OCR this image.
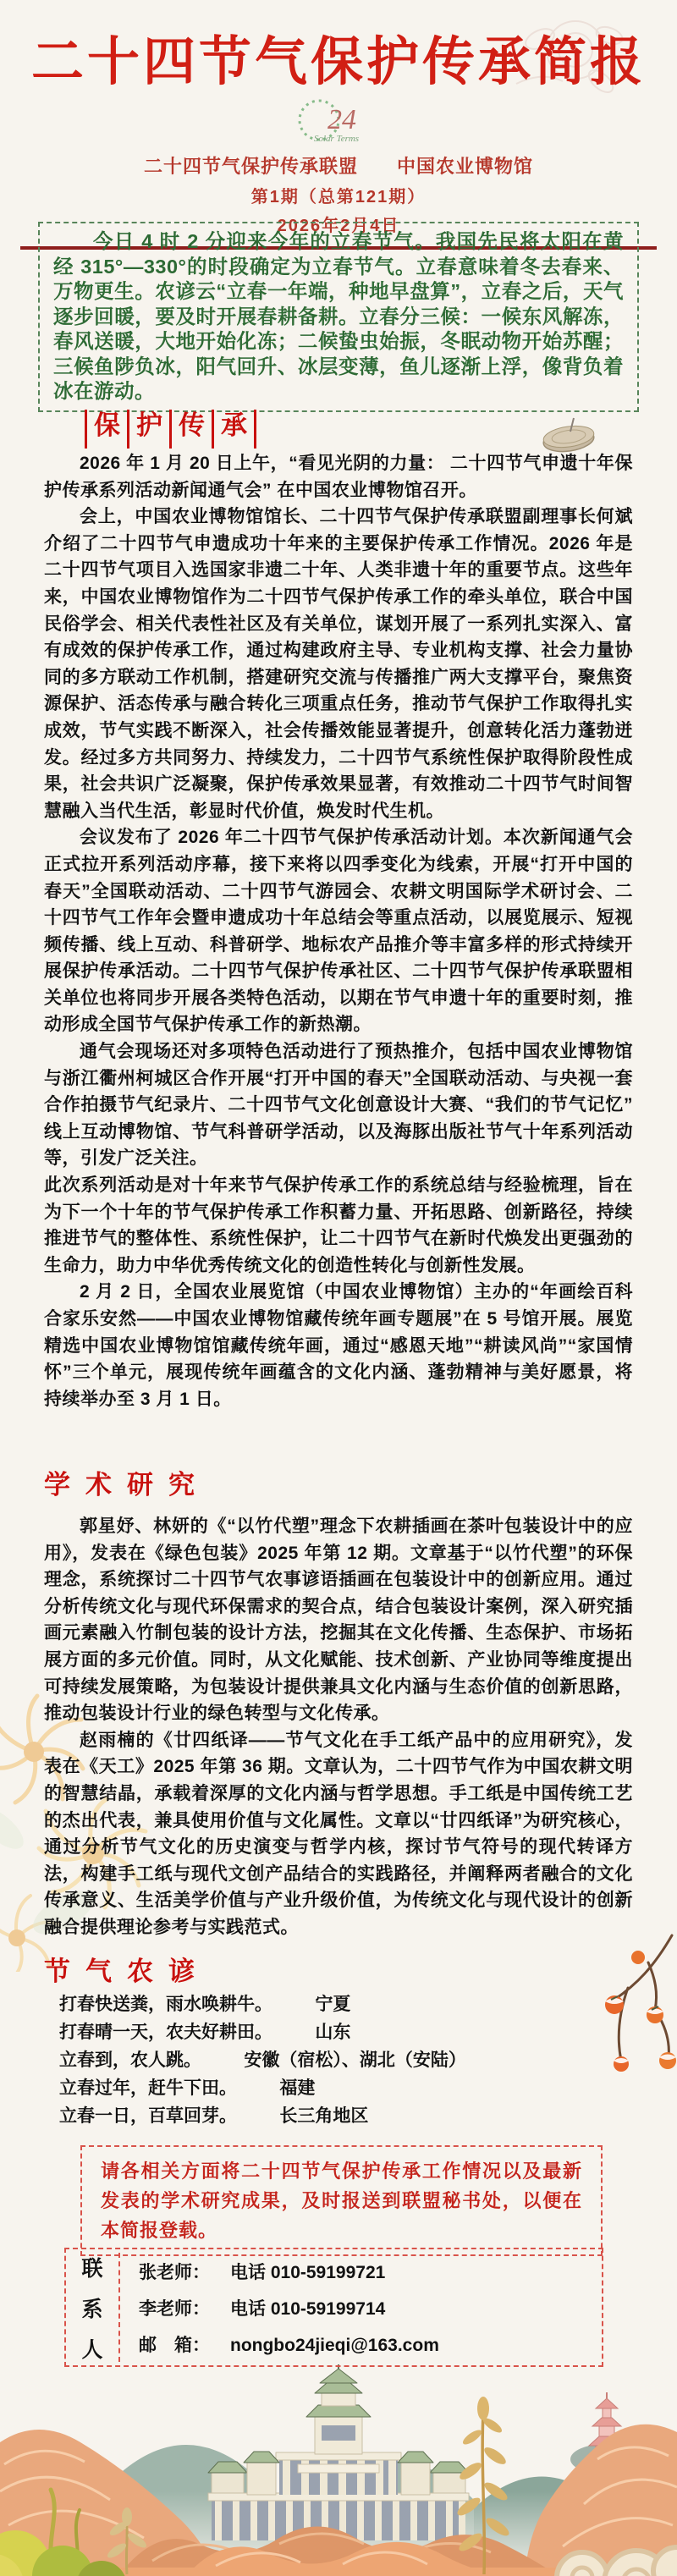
二十四节气保护传承简报
24
Solar Terms
二十四节气保护传承联盟 中国农业博物馆
第1期（总第121期）
2026年2月4日

今日 4 时 2 分迎来今年的立春节气。我国先民将太阳在黄经 315°—330°的时段确定为立春节气。立春意味着冬去春来、万物更生。农谚云“立春一年端，种地早盘算”，立春之后，天气逐步回暖，要及时开展春耕备耕。立春分三候：一候东风解冻，春风送暖，大地开始化冻；二候蛰虫始振，冬眠动物开始苏醒；三候鱼陟负冰，阳气回升、冰层变薄，鱼儿逐渐上浮，像背负着冰在游动。

保 护 传 承

2026 年 1 月 20 日上午，“看见光阴的力量： 二十四节气申遗十年保护传承系列活动新闻通气会” 在中国农业博物馆召开。

会上，中国农业博物馆馆长、二十四节气保护传承联盟副理事长何斌介绍了二十四节气申遗成功十年来的主要保护传承工作情况。2026 年是二十四节气项目入选国家非遗二十年、人类非遗十年的重要节点。这些年来，中国农业博物馆作为二十四节气保护传承工作的牵头单位，联合中国民俗学会、相关代表性社区及有关单位，谋划开展了一系列扎实深入、富有成效的保护传承工作，通过构建政府主导、专业机构支撑、社会力量协同的多方联动工作机制，搭建研究交流与传播推广两大支撑平台，聚焦资源保护、活态传承与融合转化三项重点任务，推动节气保护工作取得扎实成效，节气实践不断深入，社会传播效能显著提升，创意转化活力蓬勃迸发。经过多方共同努力、持续发力，二十四节气系统性保护取得阶段性成果，社会共识广泛凝聚，保护传承效果显著，有效推动二十四节气时间智慧融入当代生活，彰显时代价值，焕发时代生机。

会议发布了 2026 年二十四节气保护传承活动计划。本次新闻通气会正式拉开系列活动序幕，接下来将以四季变化为线索，开展“打开中国的春天”全国联动活动、二十四节气游园会、农耕文明国际学术研讨会、二十四节气工作年会暨申遗成功十年总结会等重点活动，以展览展示、短视频传播、线上互动、科普研学、地标农产品推介等丰富多样的形式持续开展保护传承活动。二十四节气保护传承社区、二十四节气保护传承联盟相关单位也将同步开展各类特色活动，以期在节气申遗十年的重要时刻，推动形成全国节气保护传承工作的新热潮。

通气会现场还对多项特色活动进行了预热推介，包括中国农业博物馆与浙江衢州柯城区合作开展“打开中国的春天”全国联动活动、与央视一套合作拍摄节气纪录片、二十四节气文化创意设计大赛、“我们的节气记忆”线上互动博物馆、节气科普研学活动，以及海豚出版社节气十年系列活动等，引发广泛关注。

此次系列活动是对十年来节气保护传承工作的系统总结与经验梳理，旨在为下一个十年的节气保护传承工作积蓄力量、开拓思路、创新路径，持续推进节气的整体性、系统性保护，让二十四节气在新时代焕发出更强劲的生命力，助力中华优秀传统文化的创造性转化与创新性发展。

2 月 2 日，全国农业展览馆（中国农业博物馆）主办的“年画绘百科 合家乐安然——中国农业博物馆藏传统年画专题展”在 5 号馆开展。展览精选中国农业博物馆馆藏传统年画，通过“感恩天地”“耕读风尚”“家国情怀”三个单元，展现传统年画蕴含的文化内涵、蓬勃精神与美好愿景，将持续举办至 3 月 1 日。

学术研究

郭星妤、林妍的《“以竹代塑”理念下农耕插画在茶叶包装设计中的应用》，发表在《绿色包装》2025 年第 12 期。文章基于“以竹代塑”的环保理念，系统探讨二十四节气农事谚语插画在包装设计中的创新应用。通过分析传统文化与现代环保需求的契合点，结合包装设计案例，深入研究插画元素融入竹制包装的设计方法，挖掘其在文化传播、生态保护、市场拓展方面的多元价值。同时，从文化赋能、技术创新、产业协同等维度提出可持续发展策略，为包装设计提供兼具文化内涵与生态价值的创新思路，推动包装设计行业的绿色转型与文化传承。

赵雨楠的《廿四纸译——节气文化在手工纸产品中的应用研究》，发表在《天工》2025 年第 36 期。文章认为，二十四节气作为中国农耕文明的智慧结晶，承载着深厚的文化内涵与哲学思想。手工纸是中国传统工艺的杰出代表，兼具使用价值与文化属性。文章以“廿四纸译”为研究核心，通过分析节气文化的历史演变与哲学内核，探讨节气符号的现代转译方法，构建手工纸与现代文创产品结合的实践路径，并阐释两者融合的文化传承意义、生活美学价值与产业升级价值，为传统文化与现代设计的创新融合提供理论参考与实践范式。

节气农谚
打春快送粪，雨水唤耕牛。 宁夏
打春晴一天，农夫好耕田。 山东
立春到，农人跳。 安徽（宿松）、湖北（安陆）
立春过年，赶牛下田。 福建
立春一日，百草回芽。 长三角地区

请各相关方面将二十四节气保护传承工作情况以及最新发表的学术研究成果，及时报送到联盟秘书处，以便在本简报登载。

联
系
人
张老师： 电话 010-59199721
李老师： 电话 010-59199714
邮　箱： nongbo24jieqi@163.com
